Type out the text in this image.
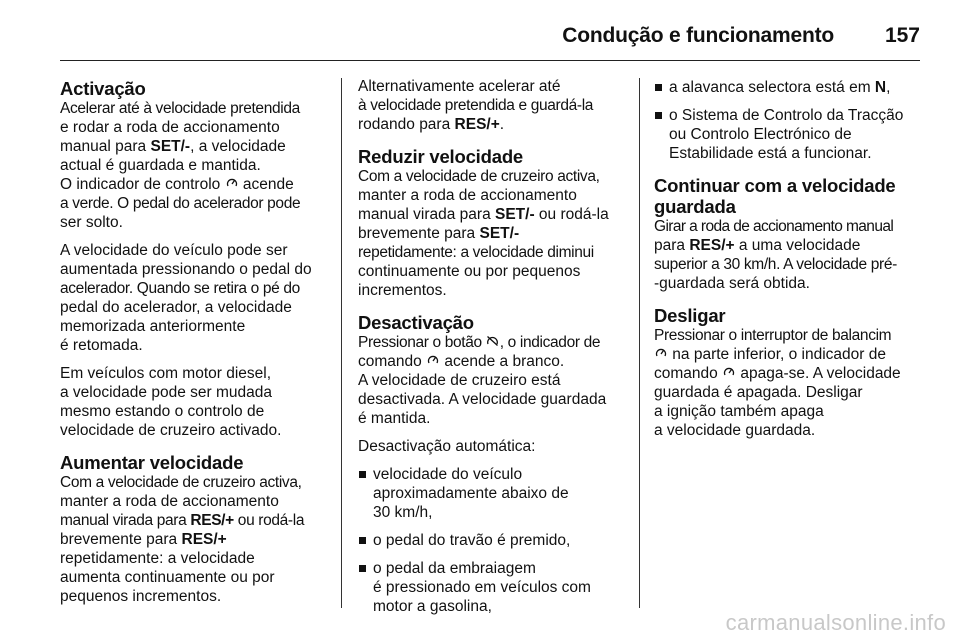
Condução e funcionamento 157
Activação

Acelerar até à velocidade pretendida
e rodar a roda de accionamento
manual para SET/-, a velocidade
actual é guardada e mantida.
O indicador de controlo  acende
a verde. O pedal do acelerador pode
ser solto.

A velocidade do veículo pode ser
aumentada pressionando o pedal do
acelerador. Quando se retira o pé do
pedal do acelerador, a velocidade
memorizada anteriormente
é retomada.

Em veículos com motor diesel,
a velocidade pode ser mudada
mesmo estando o controlo de
velocidade de cruzeiro activado.

Aumentar velocidade

Com a velocidade de cruzeiro activa,
manter a roda de accionamento
manual virada para RES/+ ou rodá-la
brevemente para RES/+
repetidamente: a velocidade
aumenta continuamente ou por
pequenos incrementos.

Alternativamente acelerar até
à velocidade pretendida e guardá-la
rodando para RES/+.

Reduzir velocidade

Com a velocidade de cruzeiro activa,
manter a roda de accionamento
manual virada para SET/- ou rodá-la
brevemente para SET/-
repetidamente: a velocidade diminui
continuamente ou por pequenos
incrementos.

Desactivação

Pressionar o botão , o indicador de
comando  acende a branco.
A velocidade de cruzeiro está
desactivada. A velocidade guardada
é mantida.

Desactivação automática:

velocidade do veículo
aproximadamente abaixo de
30 km/h,
o pedal do travão é premido,
o pedal da embraiagem
é pressionado em veículos com
motor a gasolina,
a alavanca selectora está em N,
o Sistema de Controlo da Tracção
ou Controlo Electrónico de
Estabilidade está a funcionar.
Continuar com a velocidade
guardada

Girar a roda de accionamento manual
para RES/+ a uma velocidade
superior a 30 km/h. A velocidade pré-
-guardada será obtida.

Desligar

Pressionar o interruptor de balancim
na parte inferior, o indicador de
comando  apaga-se. A velocidade
guardada é apagada. Desligar
a ignição também apaga
a velocidade guardada.

carmanualsonline.info
